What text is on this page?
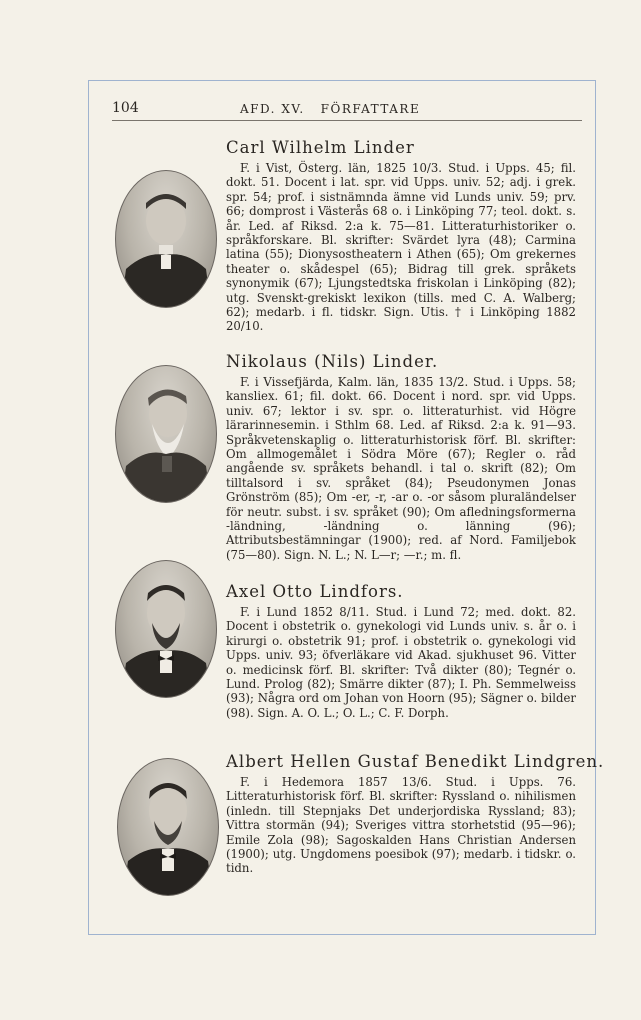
104	AFD. XV.   FÖRFATTARE
Carl Wilhelm Linder

F. i Vist, Österg. län, 1825 10/3. Stud. i Upps. 45; fil. dokt. 51. Docent i lat. spr. vid Upps. univ. 52; adj. i grek. spr. 54; prof. i sistnämnda ämne vid Lunds univ. 59; prv. 66; domprost i Västerås 68 o. i Linköping 77; teol. dokt. s. år. Led. af Riksd. 2:a k. 75—81. Litteraturhistoriker o. språkforskare. Bl. skrifter: Svärdet lyra (48); Carmina latina (55); Dionysostheatern i Athen (65); Om grekernes theater o. skådespel (65); Bidrag till grek. språkets synonymik (67); Ljungstedtska friskolan i Linköping (82); utg. Svenskt-grekiskt lexikon (tills. med C. A. Walberg; 62); medarb. i fl. tidskr. Sign. Utis. † i Linköping 1882 20/10.

Nikolaus (Nils) Linder.

F. i Vissefjärda, Kalm. län, 1835 13/2. Stud. i Upps. 58; kansliex. 61; fil. dokt. 66. Docent i nord. spr. vid Upps. univ. 67; lektor i sv. spr. o. litteraturhist. vid Högre lärarinnesemin. i Sthlm 68. Led. af Riksd. 2:a k. 91—93. Språkvetenskaplig o. litteraturhistorisk förf. Bl. skrifter: Om allmogemålet i Södra Möre (67); Regler o. råd angående sv. språkets behandl. i tal o. skrift (82); Om tilltalsord i sv. språket (84); Pseudonymen Jonas Grönström (85); Om -er, -r, -ar o. -or såsom pluraländelser för neutr. subst. i sv. språket (90); Om afledningsformerna -ländning, -ländning o. länning (96); Attributsbestämningar (1900); red. af Nord. Familjebok (75—80). Sign. N. L.; N. L—r; —r.; m. fl.

Axel Otto Lindfors.

F. i Lund 1852 8/11. Stud. i Lund 72; med. dokt. 82. Docent i obstetrik o. gynekologi vid Lunds univ. s. år o. i kirurgi o. obstetrik 91; prof. i obstetrik o. gynekologi vid Upps. univ. 93; öfverläkare vid Akad. sjukhuset 96. Vitter o. medicinsk förf. Bl. skrifter: Två dikter (80); Tegnér o. Lund. Prolog (82); Smärre dikter (87); I. Ph. Semmelweiss (93); Några ord om Johan von Hoorn (95); Sägner o. bilder (98). Sign. A. O. L.; O. L.; C. F. Dorph.

Albert Hellen Gustaf Benedikt Lindgren.

F. i Hedemora 1857 13/6. Stud. i Upps. 76. Litteraturhistorisk förf. Bl. skrifter: Ryssland o. nihilismen (inledn. till Stepnjaks Det underjordiska Ryssland; 83); Vittra stormän (94); Sveriges vittra storhetstid (95—96); Emile Zola (98); Sagoskalden Hans Christian Andersen (1900); utg. Ungdomens poesibok (97); medarb. i tidskr. o. tidn.
